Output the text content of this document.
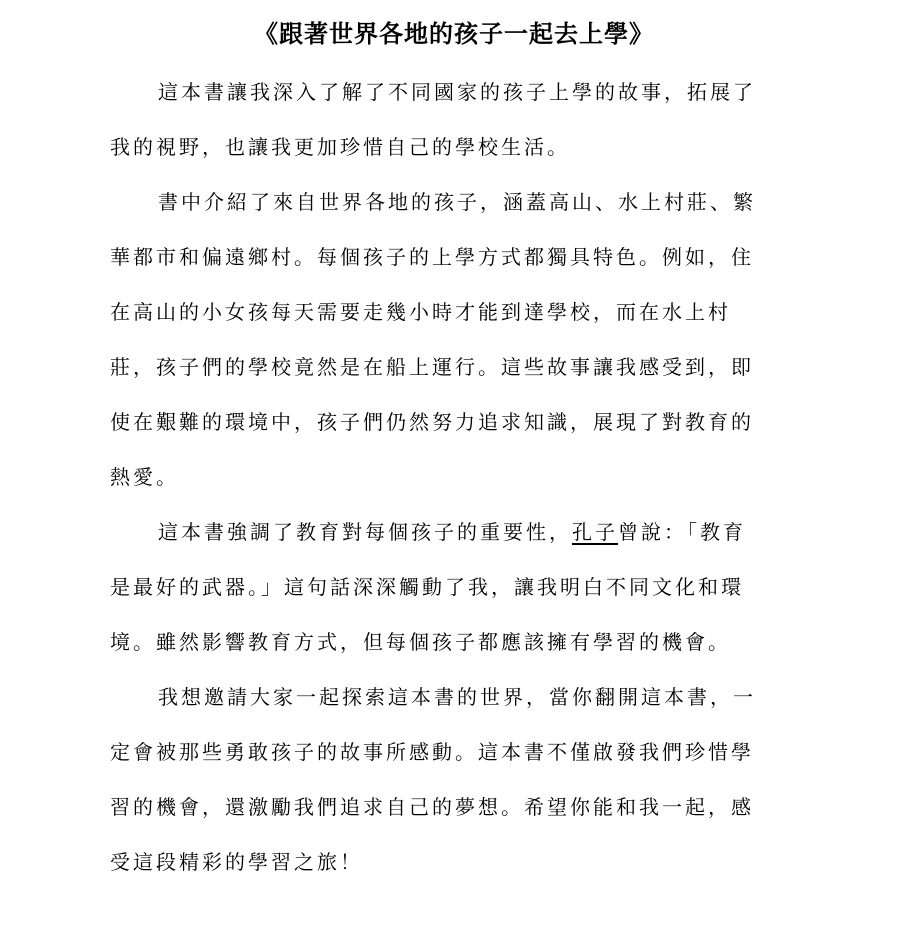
《跟著世界各地的孩子一起去上學》
這本書讓我深入了解了不同國家的孩子上學的故事，拓展了
我的視野，也讓我更加珍惜自己的學校生活。
書中介紹了來自世界各地的孩子，涵蓋高山、水上村莊、繁
華都市和偏遠鄉村。每個孩子的上學方式都獨具特色。例如，住
在高山的小女孩每天需要走幾小時才能到達學校，而在水上村
莊，孩子們的學校竟然是在船上運行。這些故事讓我感受到，即
使在艱難的環境中，孩子們仍然努力追求知識，展現了對教育的
熱愛。
這本書強調了教育對每個孩子的重要性，孔子曾說：「教育
是最好的武器。」這句話深深觸動了我，讓我明白不同文化和環
境。雖然影響教育方式，但每個孩子都應該擁有學習的機會。
我想邀請大家一起探索這本書的世界，當你翻開這本書，一
定會被那些勇敢孩子的故事所感動。這本書不僅啟發我們珍惜學
習的機會，還激勵我們追求自己的夢想。希望你能和我一起，感
受這段精彩的學習之旅！
